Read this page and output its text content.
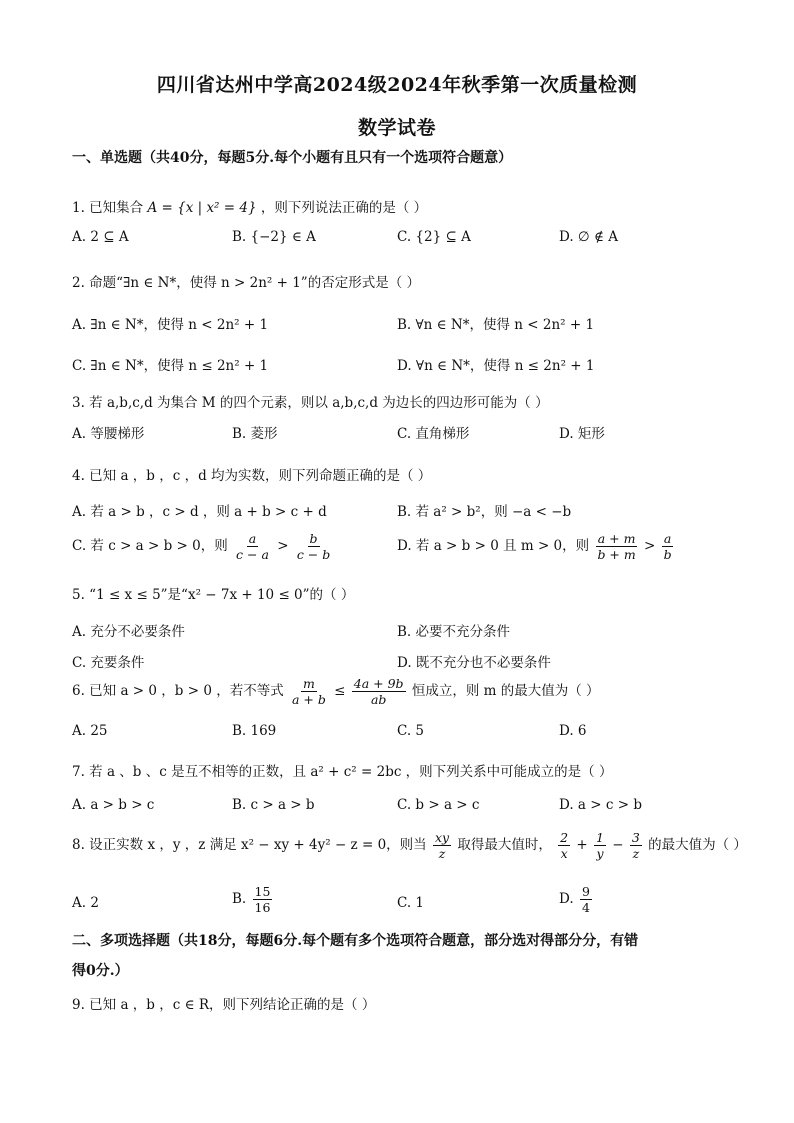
四川省达州中学高2024级2024年秋季第一次质量检测
数学试卷
一、单选题（共40分，每题5分.每个小题有且只有一个选项符合题意）
1. 已知集合 A = {x | x² = 4} ，则下列说法正确的是（ ）
A. 2 ⊆ A	B. {−2} ∈ A	C. {2} ⊆ A	D. ∅ ∉ A
2. 命题“∃n ∈ N*，使得 n > 2n² + 1”的否定形式是（ ）
A. ∃n ∈ N*，使得 n < 2n² + 1	B. ∀n ∈ N*，使得 n < 2n² + 1
C. ∃n ∈ N*，使得 n ≤ 2n² + 1	D. ∀n ∈ N*，使得 n ≤ 2n² + 1
3. 若 a,b,c,d 为集合 M 的四个元素，则以 a,b,c,d 为边长的四边形可能为（ ）
A. 等腰梯形	B. 菱形	C. 直角梯形	D. 矩形
4. 已知 a ，b ，c ，d 均为实数，则下列命题正确的是（ ）
A. 若 a > b ，c > d ，则 a + b > c + d	B. 若 a² > b²，则 −a < −b
C. 若 c > a > b > 0，则 $\frac{a}{c - a} > \frac{b}{c - b}$	D. 若 a > b > 0 且 m > 0，则 $\frac{a + m}{b + m} > \frac{a}{b}$
5. “1 ≤ x ≤ 5”是“x² − 7x + 10 ≤ 0”的（ ）
A. 充分不必要条件	B. 必要不充分条件
C. 充要条件	D. 既不充分也不必要条件
6. 已知 a > 0 ，b > 0 ，若不等式 $\frac{m}{a + b} \le \frac{4a + 9b}{ab}$ 恒成立，则 m 的最大值为（ ）
A. 25	B. 169	C. 5	D. 6
7. 若 a 、b 、c 是互不相等的正数，且 a² + c² = 2bc ，则下列关系中可能成立的是（ ）
A. a > b > c	B. c > a > b	C. b > a > c	D. a > c > b
8. 设正实数 x ，y ，z 满足 x² − xy + 4y² − z = 0，则当 $\frac{xy}{z}$ 取得最大值时， $\frac{2}{x} + \frac{1}{y} - \frac{3}{z}$ 的最大值为（ ）
A. 2	B. $\frac{15}{16}$	C. 1	D. $\frac{9}{4}$
二、多项选择题（共18分，每题6分.每个题有多个选项符合题意，部分选对得部分分，有错
得0分.）
9. 已知 a ，b ，c ∈ R，则下列结论正确的是（ ）
